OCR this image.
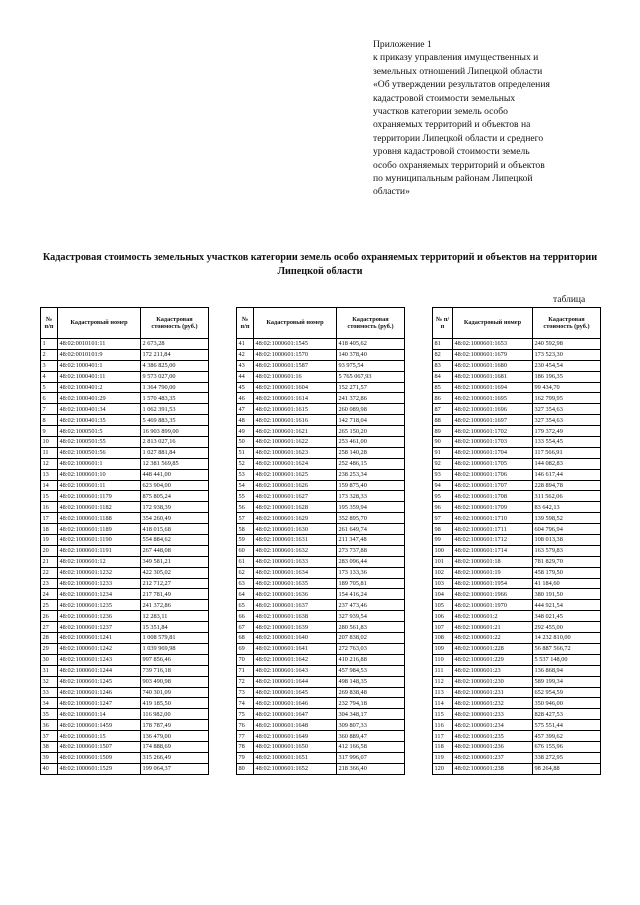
Приложение 1
к приказу управления имущественных и
земельных отношений Липецкой области
«Об утверждении результатов определения
кадастровой стоимости земельных
участков категории земель особо
охраняемых территорий и объектов на
территории Липецкой области и среднего
уровня кадастровой стоимости земель
особо охраняемых территорий и объектов
по муниципальным районам Липецкой
области»
Кадастровая стоимость земельных участков категории земель особо охраняемых территорий и объектов на территории Липецкой области
таблица
№ п/п	Кадастровый номер	Кадастровая стоимость (руб.)
1	48:02:0010101:11	2 673,28
2	48:02:0010101:9	172 211,84
3	48:02:1000401:1	4 386 825,00
4	48:02:1000401:11	9 573 027,00
5	48:02:1000401:2	1 364 790,00
6	48:02:1000401:29	1 570 483,35
7	48:02:1000401:34	1 062 391,53
8	48:02:1000401:35	5 469 883,35
9	48:02:1000501:5	16 903 899,00
10	48:02:1000501:55	2 813 027,16
11	48:02:1000501:56	1 027 881,84
12	48:02:1000601:1	12 381 569,85
13	48:02:1000601:10	448 441,00
14	48:02:1000601:11	623 904,00
15	48:02:1000601:1179	875 805,24
16	48:02:1000601:1182	172 938,39
17	48:02:1000601:1188	354 260,49
18	48:02:1000601:1189	418 015,68
19	48:02:1000601:1190	554 884,62
20	48:02:1000601:1191	267 448,08
21	48:02:1000601:12	349 581,21
22	48:02:1000601:1232	422 305,02
23	48:02:1000601:1233	212 712,27
24	48:02:1000601:1234	217 781,49
25	48:02:1000601:1235	241 372,86
26	48:02:1000601:1236	12 283,11
27	48:02:1000601:1237	15 351,84
28	48:02:1000601:1241	1 008 579,81
29	48:02:1000601:1242	1 039 969,98
30	48:02:1000601:1243	997 856,46
31	48:02:1000601:1244	739 716,18
32	48:02:1000601:1245	903 490,98
33	48:02:1000601:1246	740 301,09
34	48:02:1000601:1247	419 185,50
35	48:02:1000601:14	116 982,00
36	48:02:1000601:1459	178 787,49
37	48:02:1000601:15	136 479,00
38	48:02:1000601:1507	174 888,69
39	48:02:1000601:1509	315 266,49
40	48:02:1000601:1529	199 064,37
№ п/п	Кадастровый номер	Кадастровая стоимость (руб.)
41	48:02:1000601:1545	418 405,62
42	48:02:1000601:1570	140 378,40
43	48:02:1000601:1587	93 975,54
44	48:02:1000601:16	5 765 067,93
45	48:02:1000601:1604	152 271,57
46	48:02:1000601:1614	241 372,86
47	48:02:1000601:1615	260 089,98
48	48:02:1000601:1616	142 718,04
49	48:02:1000601:1621	265 150,20
50	48:02:1000601:1622	253 461,00
51	48:02:1000601:1623	258 140,28
52	48:02:1000601:1624	252 486,15
53	48:02:1000601:1625	238 253,34
54	48:02:1000601:1626	159 875,40
55	48:02:1000601:1627	173 328,33
56	48:02:1000601:1628	195 359,94
57	48:02:1000601:1629	352 895,70
58	48:02:1000601:1630	261 649,74
59	48:02:1000601:1631	211 347,48
60	48:02:1000601:1632	273 737,88
61	48:02:1000601:1633	283 096,44
62	48:02:1000601:1634	173 133,36
63	48:02:1000601:1635	189 705,81
64	48:02:1000601:1636	154 416,24
65	48:02:1000601:1637	237 473,46
66	48:02:1000601:1638	327 939,54
67	48:02:1000601:1639	280 561,83
68	48:02:1000601:1640	207 838,02
69	48:02:1000601:1641	272 763,03
70	48:02:1000601:1642	410 216,88
71	48:02:1000601:1643	457 984,53
72	48:02:1000601:1644	498 148,35
73	48:02:1000601:1645	269 838,48
74	48:02:1000601:1646	232 794,18
75	48:02:1000601:1647	304 348,17
76	48:02:1000601:1648	309 807,33
77	48:02:1000601:1649	360 889,47
78	48:02:1000601:1650	412 166,58
79	48:02:1000601:1651	317 996,07
80	48:02:1000601:1652	218 366,40
№ п/п	Кадастровый номер	Кадастровая стоимость (руб.)
81	48:02:1000601:1653	240 592,98
82	48:02:1000601:1679	173 523,30
83	48:02:1000601:1680	230 454,54
84	48:02:1000601:1681	186 196,35
85	48:02:1000601:1694	99 434,70
86	48:02:1000601:1695	162 799,95
87	48:02:1000601:1696	327 354,63
88	48:02:1000601:1697	327 354,63
89	48:02:1000601:1702	179 372,49
90	48:02:1000601:1703	133 554,45
91	48:02:1000601:1704	117 566,91
92	48:02:1000601:1705	144 082,83
93	48:02:1000601:1706	146 617,44
94	48:02:1000601:1707	228 894,78
95	48:02:1000601:1708	311 562,06
96	48:02:1000601:1709	83 642,13
97	48:02:1000601:1710	139 598,52
98	48:02:1000601:1711	604 796,94
99	48:02:1000601:1712	108 013,38
100	48:02:1000601:1714	163 579,83
101	48:02:1000601:18	781 829,70
102	48:02:1000601:19	458 179,50
103	48:02:1000601:1954	41 184,60
104	48:02:1000601:1966	380 191,50
105	48:02:1000601:1970	444 921,54
106	48:02:1000601:2	348 021,45
107	48:02:1000601:21	292 455,00
108	48:02:1000601:22	14 232 810,00
109	48:02:1000601:228	56 887 566,72
110	48:02:1000601:229	5 537 148,00
111	48:02:1000601:23	136 868,94
112	48:02:1000601:230	589 199,34
113	48:02:1000601:231	652 954,59
114	48:02:1000601:232	350 946,00
115	48:02:1000601:233	828 427,53
116	48:02:1000601:234	575 551,44
117	48:02:1000601:235	457 399,62
118	48:02:1000601:236	676 155,96
119	48:02:1000601:237	338 272,95
120	48:02:1000601:238	98 264,88
